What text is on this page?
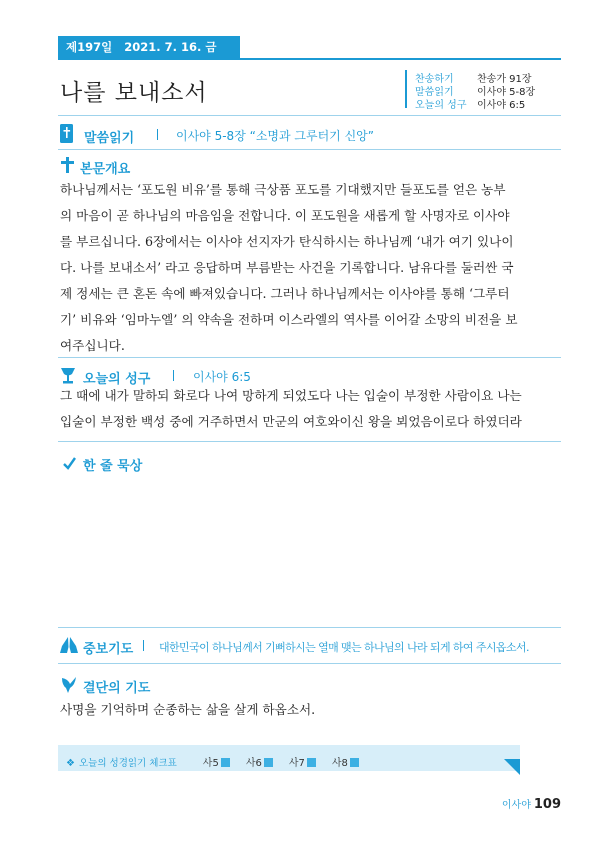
제197일 2021. 7. 16. 금
나를 보내소서
찬송하기 찬송가 91장
말씀읽기 이사야 5-8장
오늘의 성구 이사야 6:5
말씀읽기	이사야 5-8장 “소명과 그루터기 신앙”
본문개요
하나님께서는 ‘포도원 비유’를 통해 극상품 포도를 기대했지만 들포도를 얻은 농부
의 마음이 곧 하나님의 마음임을 전합니다. 이 포도원을 새롭게 할 사명자로 이사야
를 부르십니다. 6장에서는 이사야 선지자가 탄식하시는 하나님께 ‘내가 여기 있나이
다. 나를 보내소서’ 라고 응답하며 부름받는 사건을 기록합니다. 남유다를 둘러싼 국
제 정세는 큰 혼돈 속에 빠져있습니다. 그러나 하나님께서는 이사야를 통해 ‘그루터
기’ 비유와 ‘임마누엘’ 의 약속을 전하며 이스라엘의 역사를 이어갈 소망의 비전을 보
여주십니다.
오늘의 성구	이사야 6:5
그 때에 내가 말하되 화로다 나여 망하게 되었도다 나는 입술이 부정한 사람이요 나는
입술이 부정한 백성 중에 거주하면서 만군의 여호와이신 왕을 뵈었음이로다 하였더라
한 줄 묵상
중보기도 대한민국이 하나님께서 기뻐하시는 열매 맺는 하나님의 나라 되게 하여 주시옵소서.
결단의 기도
사명을 기억하며 순종하는 삶을 살게 하옵소서.
❖ 오늘의 성경읽기 체크표	사5	사6	사7	사8
이사야 109
